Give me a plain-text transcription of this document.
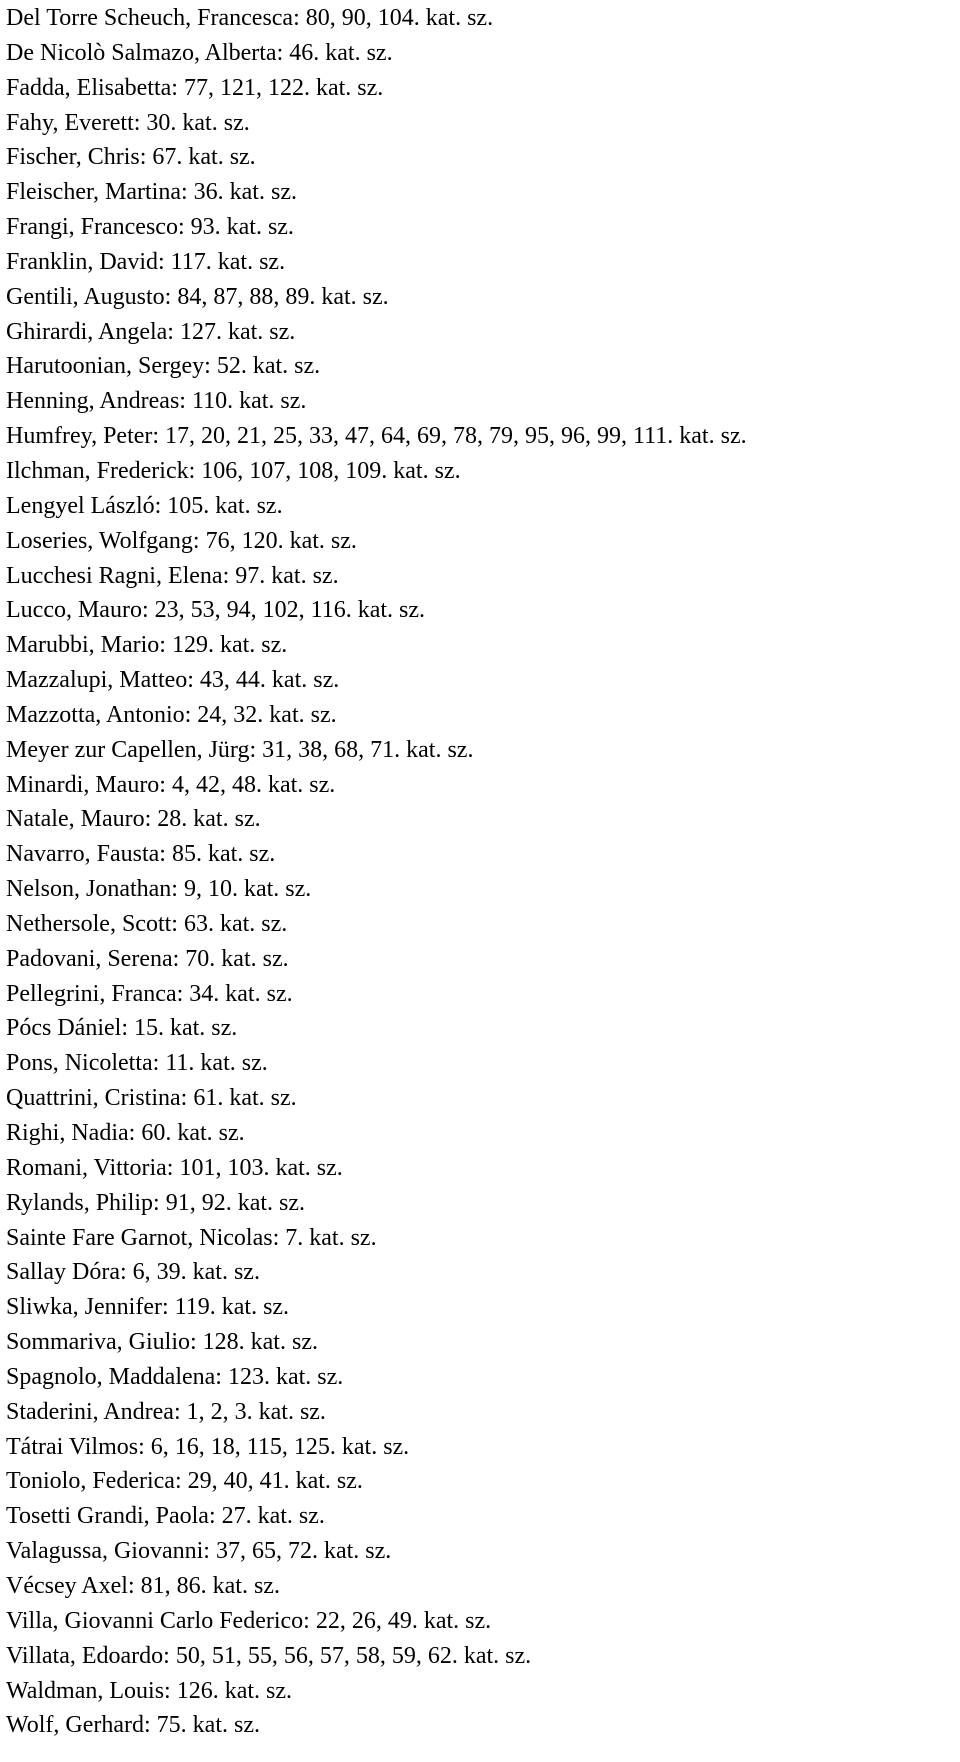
Del Torre Scheuch, Francesca: 80, 90, 104. kat. sz.

De Nicolò Salmazo, Alberta: 46. kat. sz.

Fadda, Elisabetta: 77, 121, 122. kat. sz.

Fahy, Everett: 30. kat. sz.

Fischer, Chris: 67. kat. sz.

Fleischer, Martina: 36. kat. sz.

Frangi, Francesco: 93. kat. sz.

Franklin, David: 117. kat. sz.

Gentili, Augusto: 84, 87, 88, 89. kat. sz.

Ghirardi, Angela: 127. kat. sz.

Harutoonian, Sergey: 52. kat. sz.

Henning, Andreas: 110. kat. sz.

Humfrey, Peter: 17, 20, 21, 25, 33, 47, 64, 69, 78, 79, 95, 96, 99, 111. kat. sz.

Ilchman, Frederick: 106, 107, 108, 109. kat. sz.

Lengyel László: 105. kat. sz.

Loseries, Wolfgang: 76, 120. kat. sz.

Lucchesi Ragni, Elena: 97. kat. sz.

Lucco, Mauro: 23, 53, 94, 102, 116. kat. sz.

Marubbi, Mario: 129. kat. sz.

Mazzalupi, Matteo: 43, 44. kat. sz.

Mazzotta, Antonio: 24, 32. kat. sz.

Meyer zur Capellen, Jürg: 31, 38, 68, 71. kat. sz.

Minardi, Mauro: 4, 42, 48. kat. sz.

Natale, Mauro: 28. kat. sz.

Navarro, Fausta: 85. kat. sz.

Nelson, Jonathan: 9, 10. kat. sz.

Nethersole, Scott: 63. kat. sz.

Padovani, Serena: 70. kat. sz.

Pellegrini, Franca: 34. kat. sz.

Pócs Dániel: 15. kat. sz.

Pons, Nicoletta: 11. kat. sz.

Quattrini, Cristina: 61. kat. sz.

Righi, Nadia: 60. kat. sz.

Romani, Vittoria: 101, 103. kat. sz.

Rylands, Philip: 91, 92. kat. sz.

Sainte Fare Garnot, Nicolas: 7. kat. sz.

Sallay Dóra: 6, 39. kat. sz.

Sliwka, Jennifer: 119. kat. sz.

Sommariva, Giulio: 128. kat. sz.

Spagnolo, Maddalena: 123. kat. sz.

Staderini, Andrea: 1, 2, 3. kat. sz.

Tátrai Vilmos: 6, 16, 18, 115, 125. kat. sz.

Toniolo, Federica: 29, 40, 41. kat. sz.

Tosetti Grandi, Paola: 27. kat. sz.

Valagussa, Giovanni: 37, 65, 72. kat. sz.

Vécsey Axel: 81, 86. kat. sz.

Villa, Giovanni Carlo Federico: 22, 26, 49. kat. sz.

Villata, Edoardo: 50, 51, 55, 56, 57, 58, 59, 62. kat. sz.

Waldman, Louis: 126. kat. sz.

Wolf, Gerhard: 75. kat. sz.
